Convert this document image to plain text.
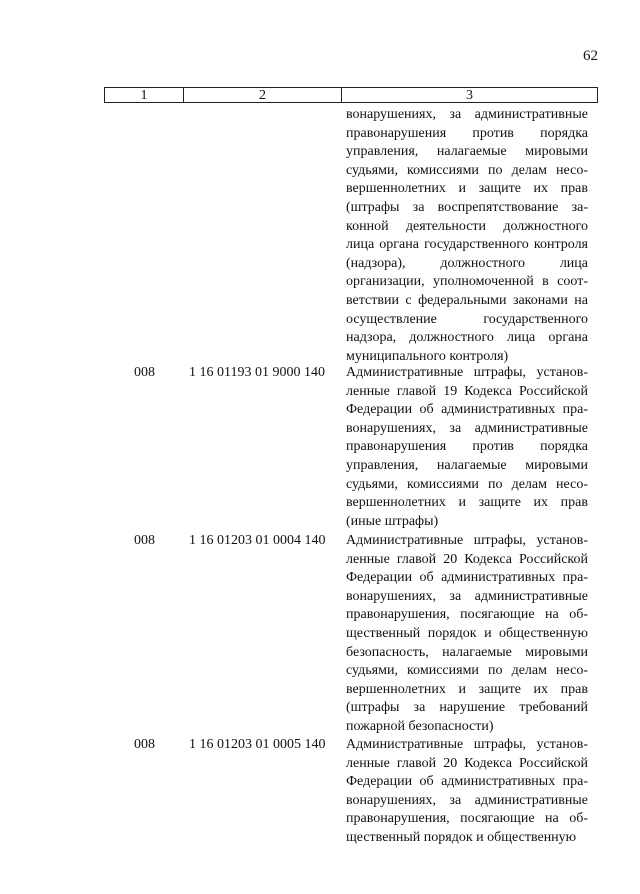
62
1	2	3
вонарушениях, за административные правонарушения против порядка управления, налагаемые мировыми судьями, комиссиями по делам несовершеннолетних и защите их прав (штрафы за воспрепятствование законной деятельности должностного лица органа государственного контроля (надзора), должностного лица организации, уполномоченной в соответствии с федеральными законами на осуществление государственного надзора, должностного лица органа муниципального контроля)
008 1 16 01193 01 9000 140 Административные штрафы, установленные главой 19 Кодекса Российской Федерации об административных правонарушениях, за административные правонарушения против порядка управления, налагаемые мировыми судьями, комиссиями по делам несовершеннолетних и защите их прав (иные штрафы)
008 1 16 01203 01 0004 140 Административные штрафы, установленные главой 20 Кодекса Российской Федерации об административных правонарушениях, за административные правонарушения, посягающие на общественный порядок и общественную безопасность, налагаемые мировыми судьями, комиссиями по делам несовершеннолетних и защите их прав (штрафы за нарушение требований пожарной безопасности)
008 1 16 01203 01 0005 140 Административные штрафы, установленные главой 20 Кодекса Российской Федерации об административных правонарушениях, за административные правонарушения, посягающие на общественный порядок и общественную
